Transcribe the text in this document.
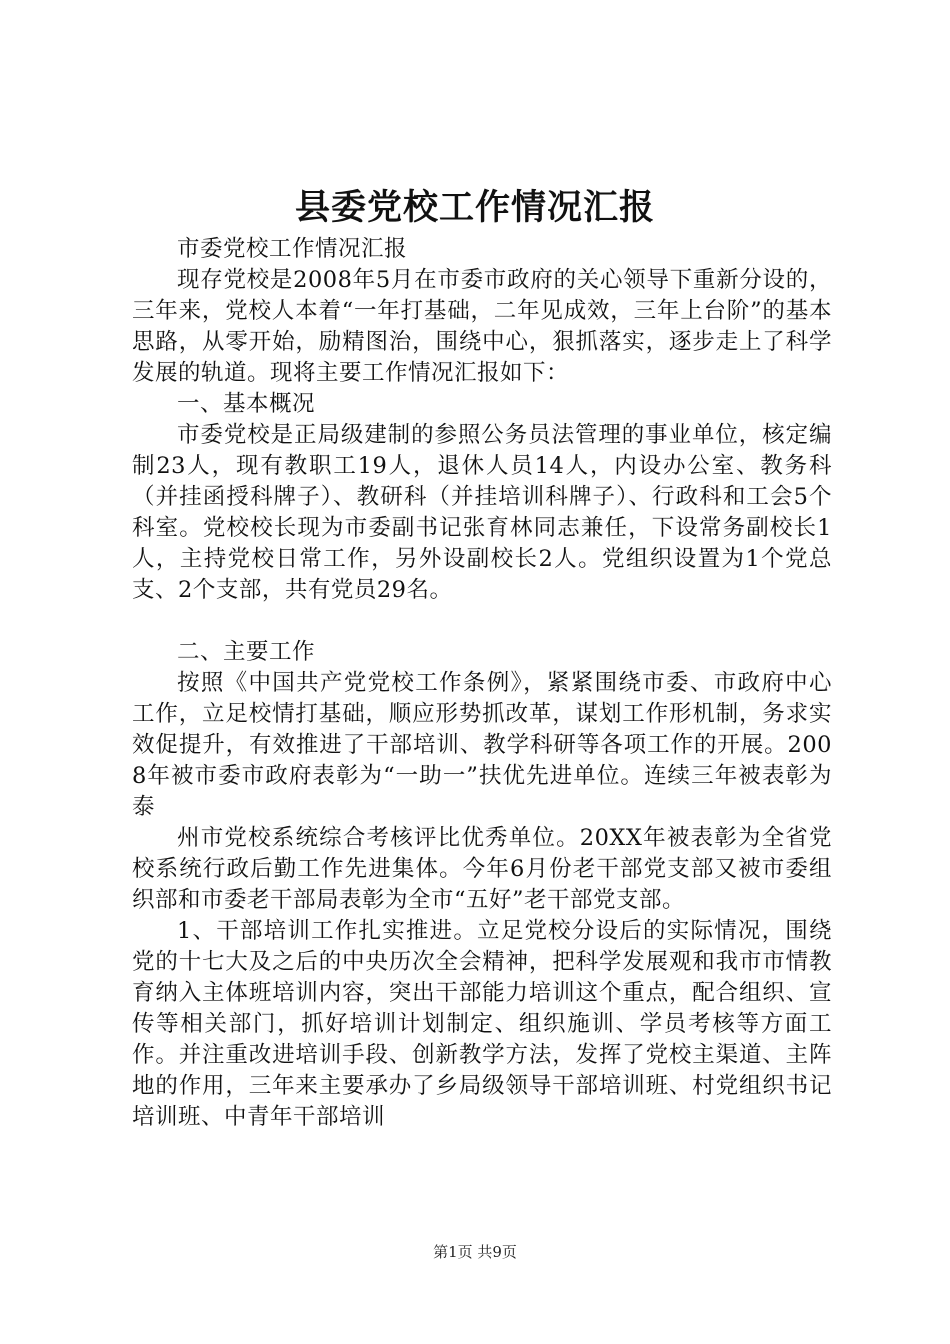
县委党校工作情况汇报

市委党校工作情况汇报

现存党校是2008年5月在市委市政府的关心领导下重新分设的，三年来，党校人本着“一年打基础，二年见成效，三年上台阶”的基本思路，从零开始，励精图治，围绕中心，狠抓落实，逐步走上了科学发展的轨道。现将主要工作情况汇报如下：

一、基本概况

市委党校是正局级建制的参照公务员法管理的事业单位，核定编制23人，现有教职工19人，退休人员14人，内设办公室、教务科（并挂函授科牌子）、教研科（并挂培训科牌子）、行政科和工会5个科室。党校校长现为市委副书记张育林同志兼任，下设常务副校长1人，主持党校日常工作，另外设副校长2人。党组织设置为1个党总支、2个支部，共有党员29名。

二、主要工作

按照《中国共产党党校工作条例》，紧紧围绕市委、市政府中心工作，立足校情打基础，顺应形势抓改革，谋划工作形机制，务求实效促提升，有效推进了干部培训、教学科研等各项工作的开展。2008年被市委市政府表彰为“一助一”扶优先进单位。连续三年被表彰为泰

州市党校系统综合考核评比优秀单位。20XX年被表彰为全省党校系统行政后勤工作先进集体。今年6月份老干部党支部又被市委组织部和市委老干部局表彰为全市“五好”老干部党支部。

1、干部培训工作扎实推进。立足党校分设后的实际情况，围绕党的十七大及之后的中央历次全会精神，把科学发展观和我市市情教育纳入主体班培训内容，突出干部能力培训这个重点，配合组织、宣传等相关部门，抓好培训计划制定、组织施训、学员考核等方面工作。并注重改进培训手段、创新教学方法，发挥了党校主渠道、主阵地的作用，三年来主要承办了乡局级领导干部培训班、村党组织书记培训班、中青年干部培训

第1页 共9页
